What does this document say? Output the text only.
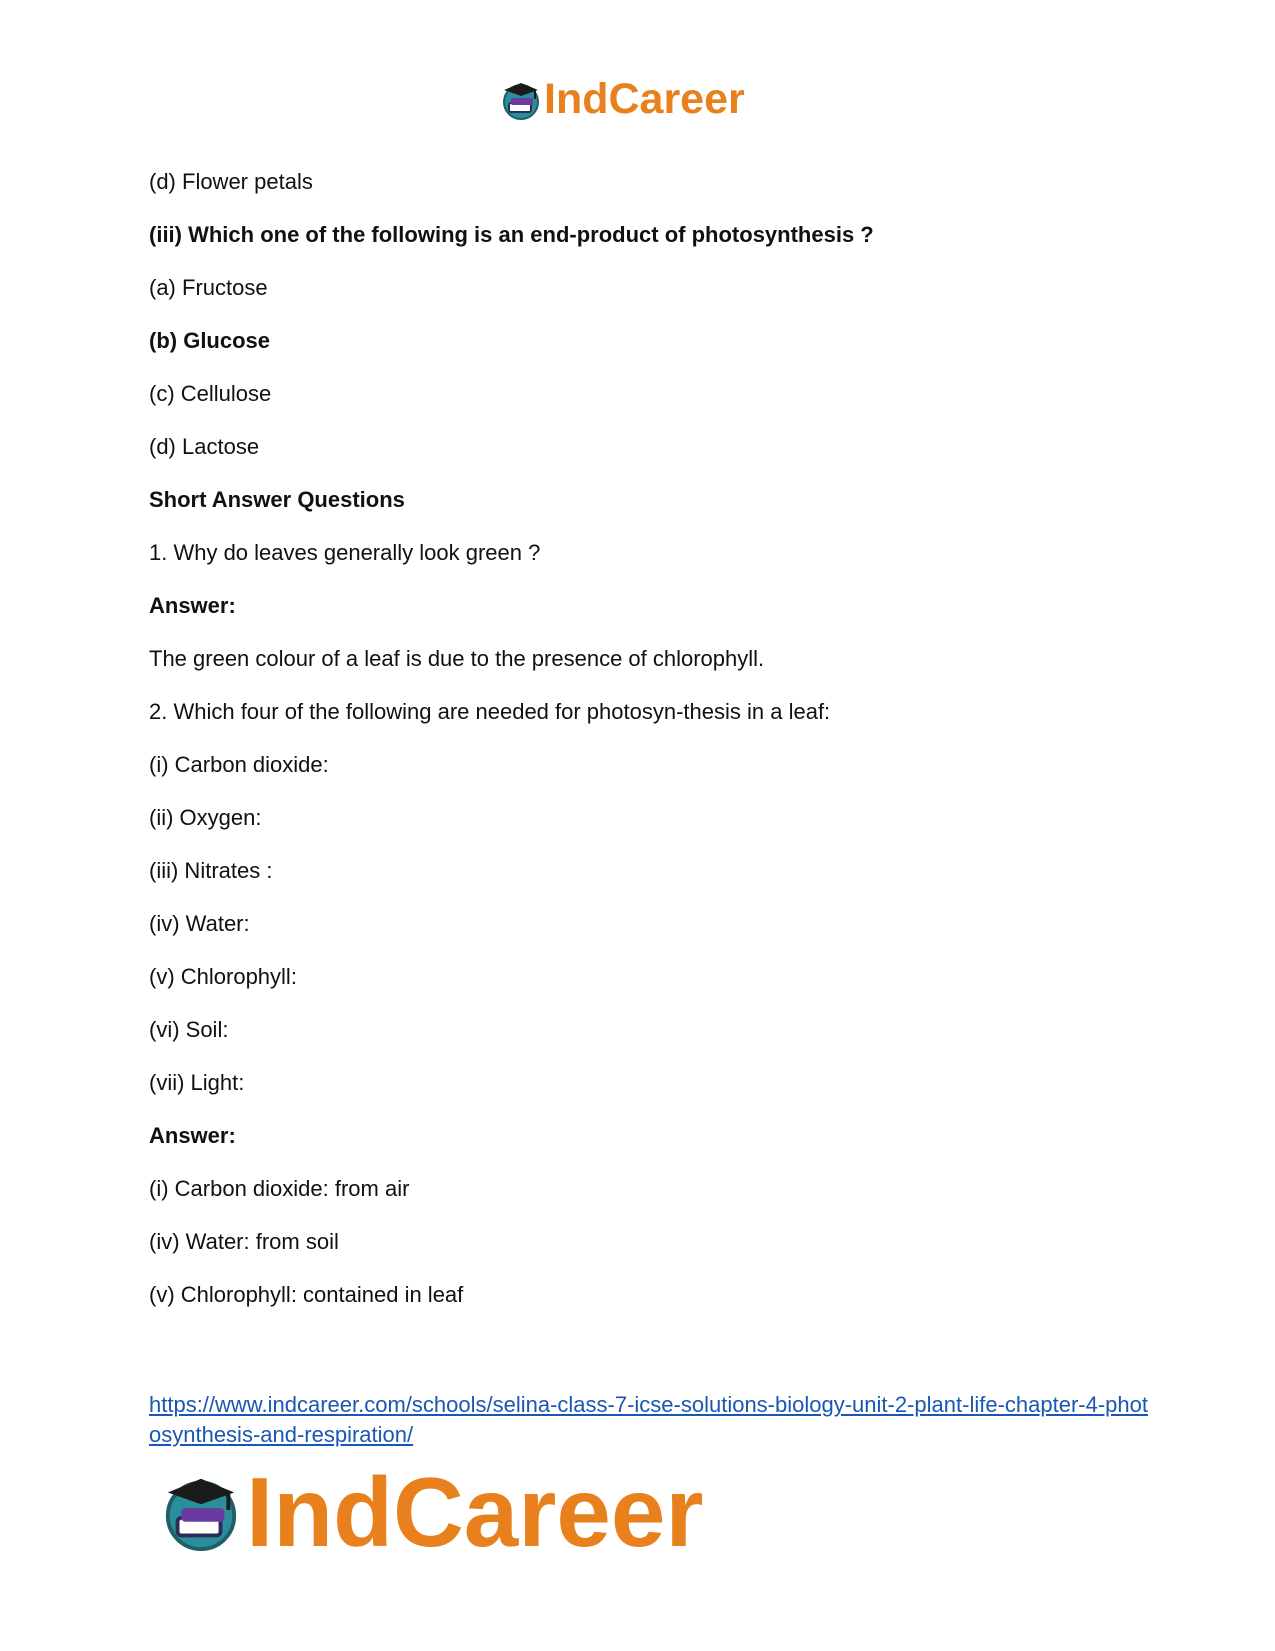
IndCareer
(d) Flower petals
(iii) Which one of the following is an end-product of photosynthesis ?
(a) Fructose
(b) Glucose
(c) Cellulose
(d) Lactose
Short Answer Questions
1. Why do leaves generally look green ?
Answer:
The green colour of a leaf is due to the presence of chlorophyll.
2. Which four of the following are needed for photosyn-thesis in a leaf:
(i) Carbon dioxide:
(ii) Oxygen:
(iii) Nitrates :
(iv) Water:
(v) Chlorophyll:
(vi) Soil:
(vii) Light:
Answer:
(i) Carbon dioxide: from air
(iv) Water: from soil
(v) Chlorophyll: contained in leaf
https://www.indcareer.com/schools/selina-class-7-icse-solutions-biology-unit-2-plant-life-chapter-4-photosynthesis-and-respiration/
IndCareer
